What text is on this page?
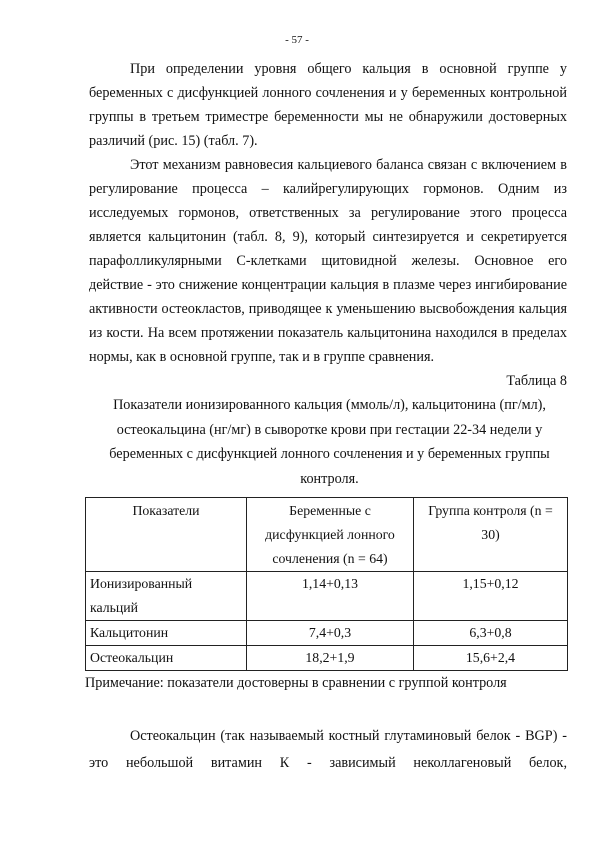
- 57 -

При определении уровня общего кальция в основной группе у беременных с дисфункцией лонного сочленения и у беременных контрольной группы в третьем триместре беременности мы не обнаружили достоверных различий (рис. 15) (табл. 7).

Этот механизм равновесия кальциевого баланса связан с включением в регулирование процесса – калийрегулирующих гормонов. Одним из исследуемых гормонов, ответственных за регулирование этого процесса является кальцитонин (табл. 8, 9), который синтезируется и секретируется парафолликулярными С-клетками щитовидной железы. Основное его действие - это снижение концентрации кальция в плазме через ингибирование активности остеокластов, приводящее к уменьшению высвобождения кальция из кости. На всем протяжении показатель кальцитонина находился в пределах нормы, как в основной группе, так и в группе сравнения.

Таблица 8
Показатели ионизированного кальция (ммоль/л), кальцитонина (пг/мл), остеокальцина (нг/мг) в сыворотке крови при гестации 22-34 недели у беременных с дисфункцией лонного сочленения и у беременных группы контроля.
Показатели	Беременные с дисфункцией лонного сочленения (n = 64)	Группа контроля (n = 30)
Ионизированный кальций	1,14+0,13	1,15+0,12
Кальцитонин	7,4+0,3	6,3+0,8
Остеокальцин	18,2+1,9	15,6+2,4
Примечание: показатели достоверны в сравнении с группой контроля

Остеокальцин (так называемый костный глутаминовый белок - BGP) - это небольшой витамин К - зависимый неколлагеновый белок,
